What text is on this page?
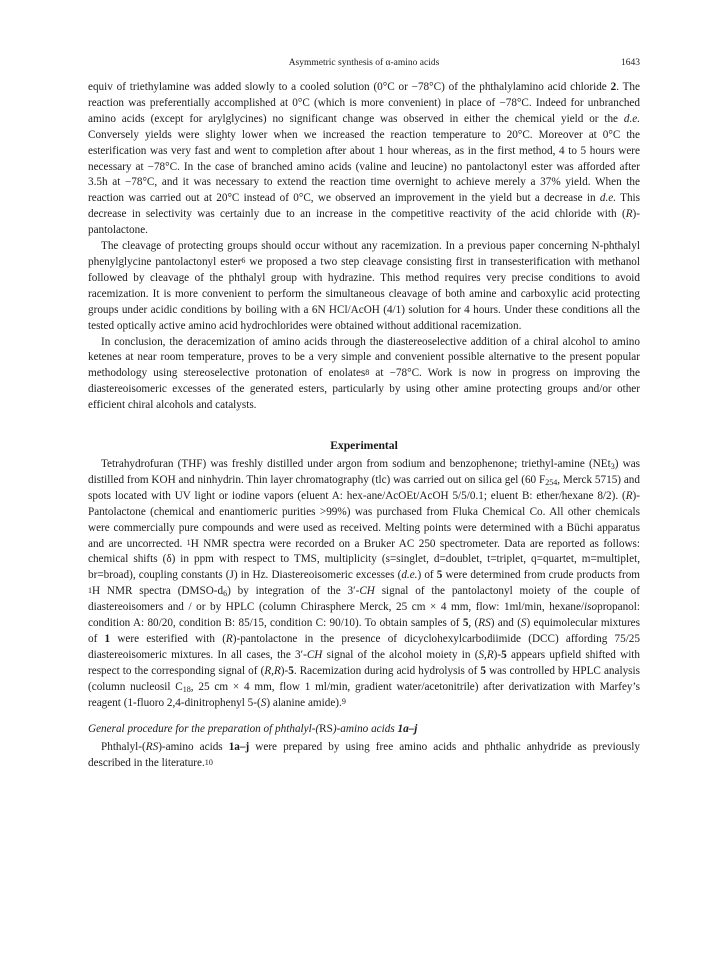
Asymmetric synthesis of α-amino acids	1643

equiv of triethylamine was added slowly to a cooled solution (0°C or −78°C) of the phthalylamino acid chloride 2. The reaction was preferentially accomplished at 0°C (which is more convenient) in place of −78°C. Indeed for unbranched amino acids (except for arylglycines) no significant change was observed in either the chemical yield or the d.e. Conversely yields were slighty lower when we increased the reaction temperature to 20°C. Moreover at 0°C the esterification was very fast and went to completion after about 1 hour whereas, as in the first method, 4 to 5 hours were necessary at −78°C. In the case of branched amino acids (valine and leucine) no pantolactonyl ester was afforded after 3.5h at −78°C, and it was necessary to extend the reaction time overnight to achieve merely a 37% yield. When the reaction was carried out at 20°C instead of 0°C, we observed an improvement in the yield but a decrease in d.e. This decrease in selectivity was certainly due to an increase in the competitive reactivity of the acid chloride with (R)-pantolactone.

The cleavage of protecting groups should occur without any racemization. In a previous paper concerning N-phthalyl phenylglycine pantolactonyl ester$^6$ we proposed a two step cleavage consisting first in transesterification with methanol followed by cleavage of the phthalyl group with hydrazine. This method requires very precise conditions to avoid racemization. It is more convenient to perform the simultaneous cleavage of both amine and carboxylic acid protecting groups under acidic conditions by boiling with a 6N HCl/AcOH (4/1) solution for 4 hours. Under these conditions all the tested optically active amino acid hydrochlorides were obtained without additional racemization.

In conclusion, the deracemization of amino acids through the diastereoselective addition of a chiral alcohol to amino ketenes at near room temperature, proves to be a very simple and convenient possible alternative to the present popular methodology using stereoselective protonation of enolates$^8$ at −78°C. Work is now in progress on improving the diastereoisomeric excesses of the generated esters, particularly by using other amine protecting groups and/or other efficient chiral alcohols and catalysts.

Experimental

Tetrahydrofuran (THF) was freshly distilled under argon from sodium and benzophenone; triethyl-amine (NEt3) was distilled from KOH and ninhydrin. Thin layer chromatography (tlc) was carried out on silica gel (60 F254, Merck 5715) and spots located with UV light or iodine vapors (eluent A: hex-ane/AcOEt/AcOH 5/5/0.1; eluent B: ether/hexane 8/2). (R)-Pantolactone (chemical and enantiomeric purities >99%) was purchased from Fluka Chemical Co. All other chemicals were commercially pure compounds and were used as received. Melting points were determined with a Büchi apparatus and are uncorrected. $^1$H NMR spectra were recorded on a Bruker AC 250 spectrometer. Data are reported as follows: chemical shifts (δ) in ppm with respect to TMS, multiplicity (s=singlet, d=doublet, t=triplet, q=quartet, m=multiplet, br=broad), coupling constants (J) in Hz. Diastereoisomeric excesses (d.e.) of 5 were determined from crude products from $^1$H NMR spectra (DMSO-d6) by integration of the 3′-CH signal of the pantolactonyl moiety of the couple of diastereoisomers and / or by HPLC (column Chirasphere Merck, 25 cm × 4 mm, flow: 1ml/min, hexane/isopropanol: condition A: 80/20, condition B: 85/15, condition C: 90/10). To obtain samples of 5, (RS) and (S) equimolecular mixtures of 1 were esterified with (R)-pantolactone in the presence of dicyclohexylcarbodiimide (DCC) affording 75/25 diastereoisomeric mixtures. In all cases, the 3′-CH signal of the alcohol moiety in (S,R)-5 appears upfield shifted with respect to the corresponding signal of (R,R)-5. Racemization during acid hydrolysis of 5 was controlled by HPLC analysis (column nucleosil C18, 25 cm × 4 mm, flow 1 ml/min, gradient water/acetonitrile) after derivatization with Marfey’s reagent (1-fluoro 2,4-dinitrophenyl 5-(S) alanine amide).$^9$

General procedure for the preparation of phthalyl-(RS)-amino acids 1a–j

Phthalyl-(RS)-amino acids 1a–j were prepared by using free amino acids and phthalic anhydride as previously described in the literature.$^{10}$
